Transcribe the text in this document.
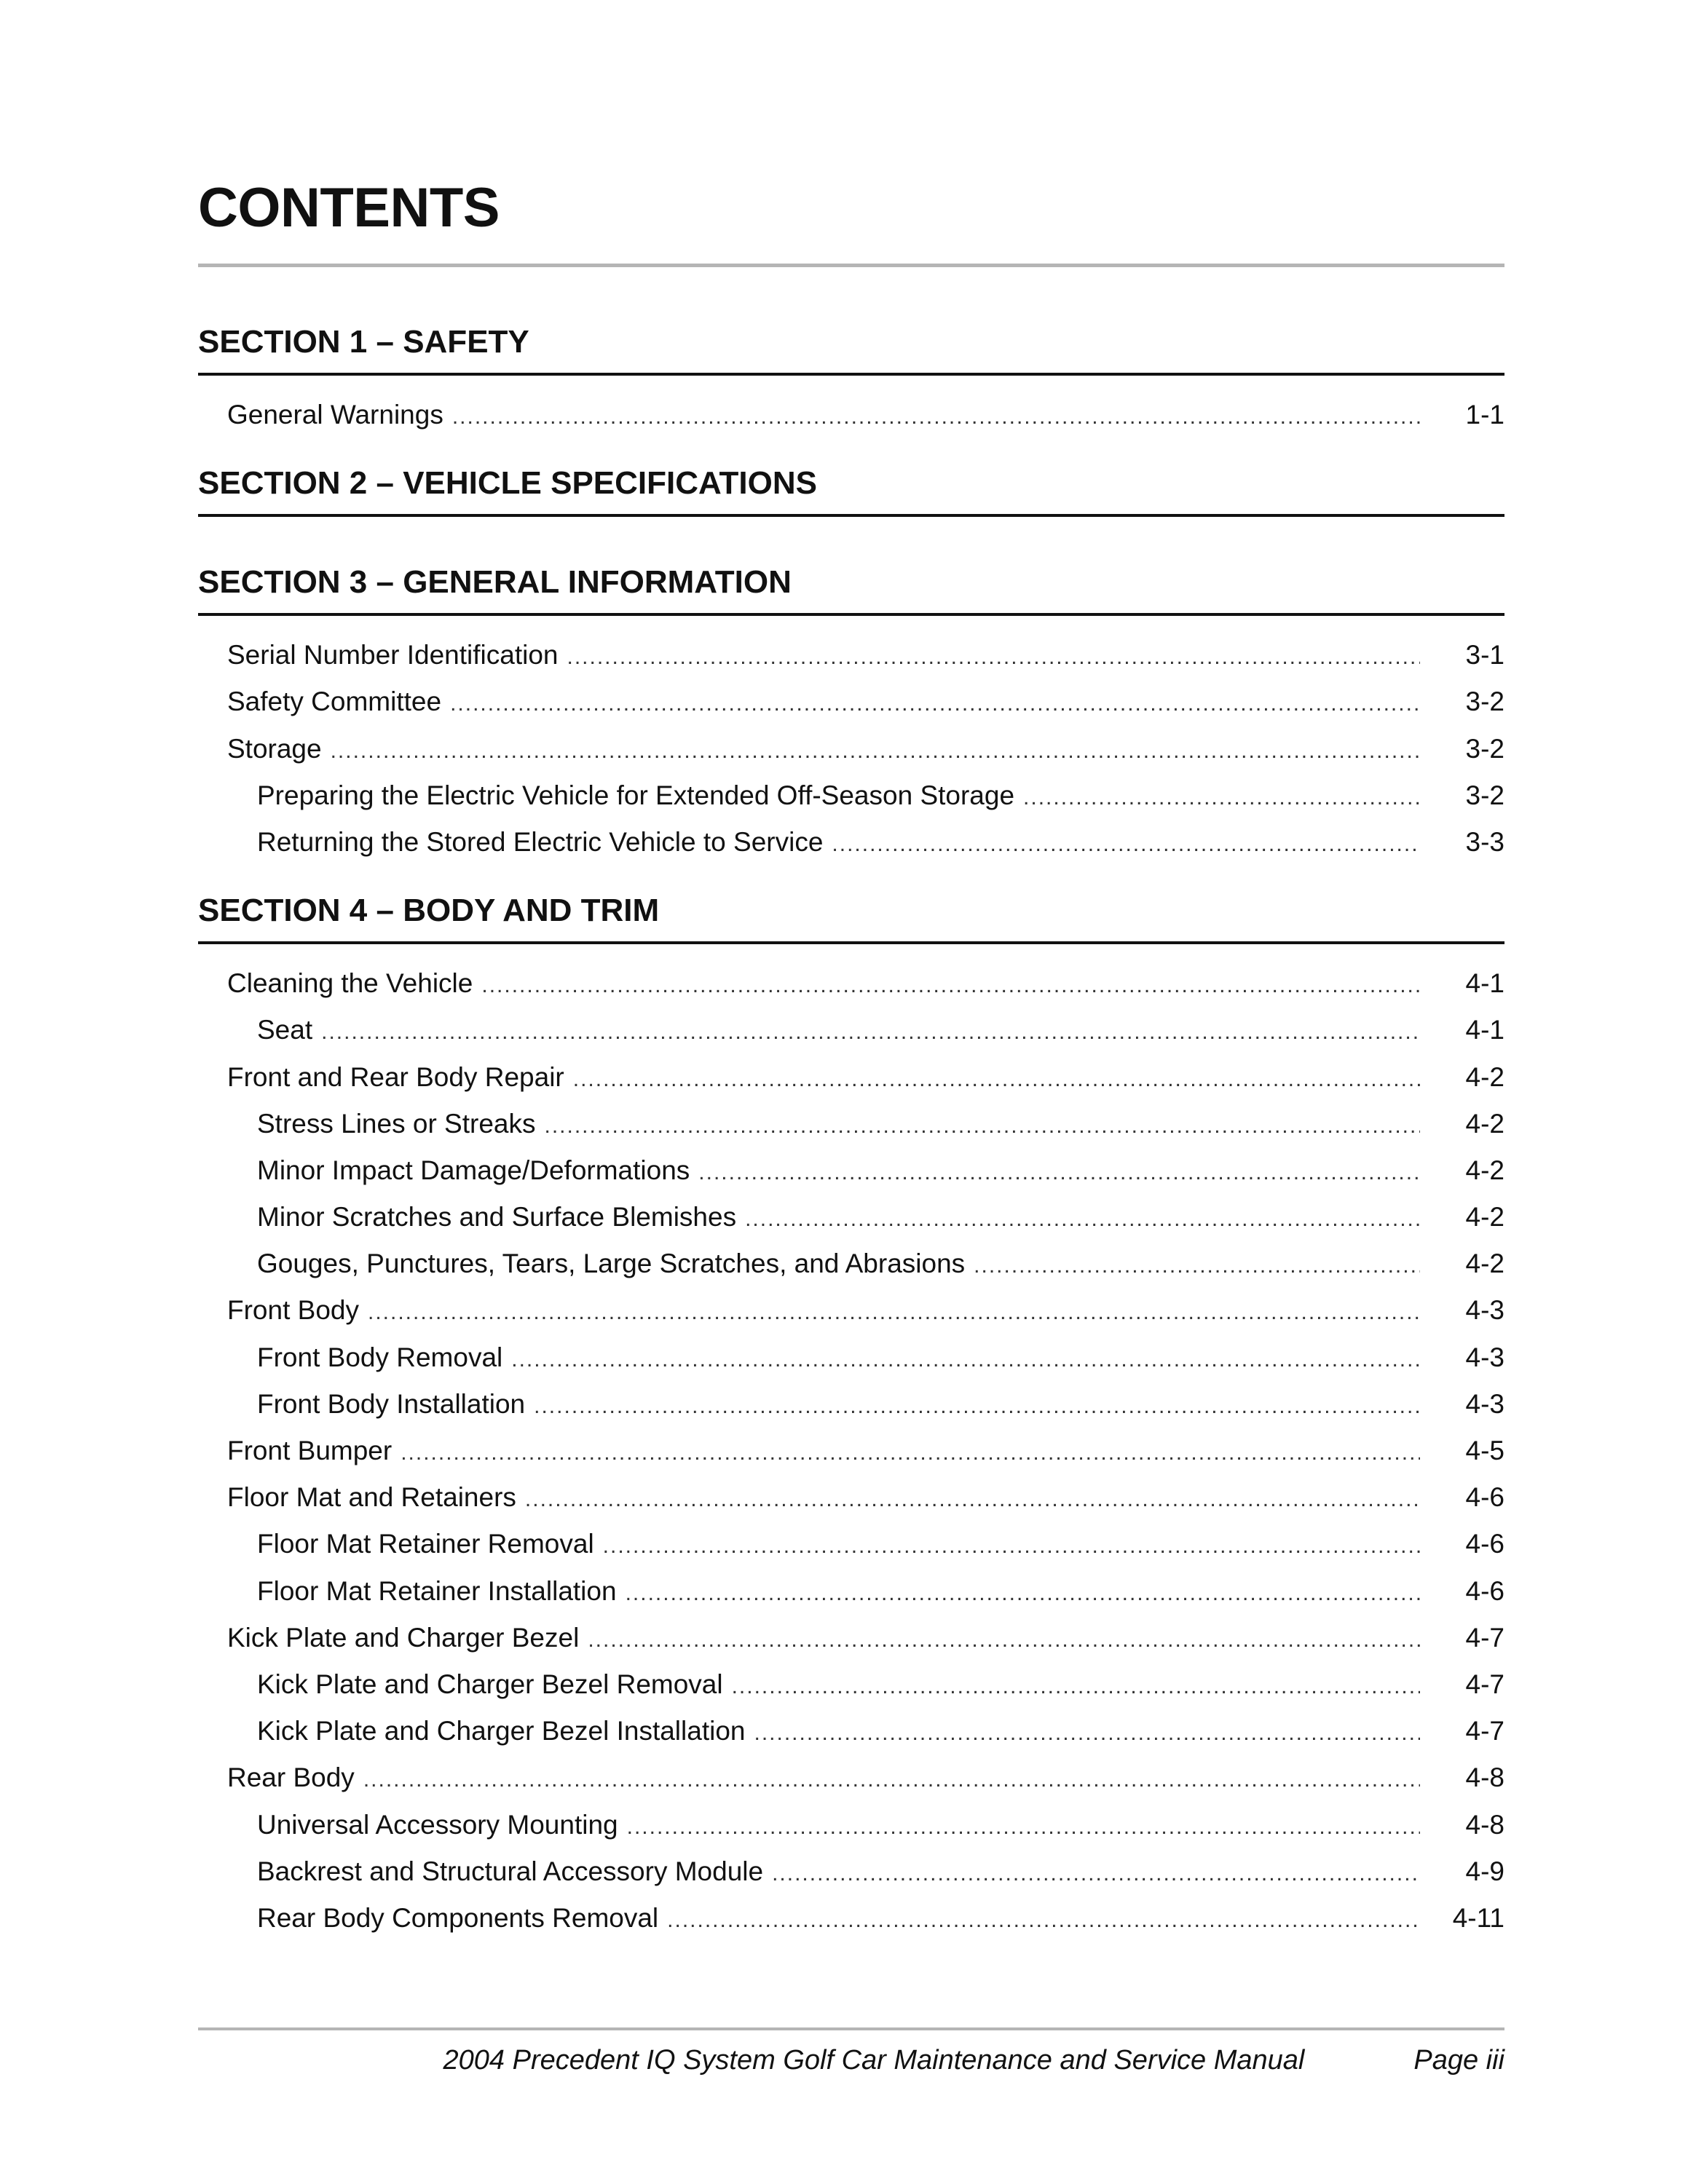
CONTENTS
SECTION 1 – SAFETY
General Warnings .....	1-1
SECTION 2 – VEHICLE SPECIFICATIONS
SECTION 3 – GENERAL INFORMATION
Serial Number Identification .....	3-1
Safety Committee .....	3-2
Storage .....	3-2
Preparing the Electric Vehicle for Extended Off-Season Storage .....	3-2
Returning the Stored Electric Vehicle to Service .....	3-3
SECTION 4 – BODY AND TRIM
Cleaning the Vehicle .....	4-1
Seat .....	4-1
Front and Rear Body Repair .....	4-2
Stress Lines or Streaks .....	4-2
Minor Impact Damage/Deformations .....	4-2
Minor Scratches and Surface Blemishes .....	4-2
Gouges, Punctures, Tears, Large Scratches, and Abrasions .....	4-2
Front Body .....	4-3
Front Body Removal .....	4-3
Front Body Installation .....	4-3
Front Bumper .....	4-5
Floor Mat and Retainers .....	4-6
Floor Mat Retainer Removal .....	4-6
Floor Mat Retainer Installation .....	4-6
Kick Plate and Charger Bezel .....	4-7
Kick Plate and Charger Bezel Removal .....	4-7
Kick Plate and Charger Bezel Installation .....	4-7
Rear Body .....	4-8
Universal Accessory Mounting .....	4-8
Backrest and Structural Accessory Module .....	4-9
Rear Body Components Removal .....	4-11
2004 Precedent IQ System Golf Car Maintenance and Service Manual	Page iii
